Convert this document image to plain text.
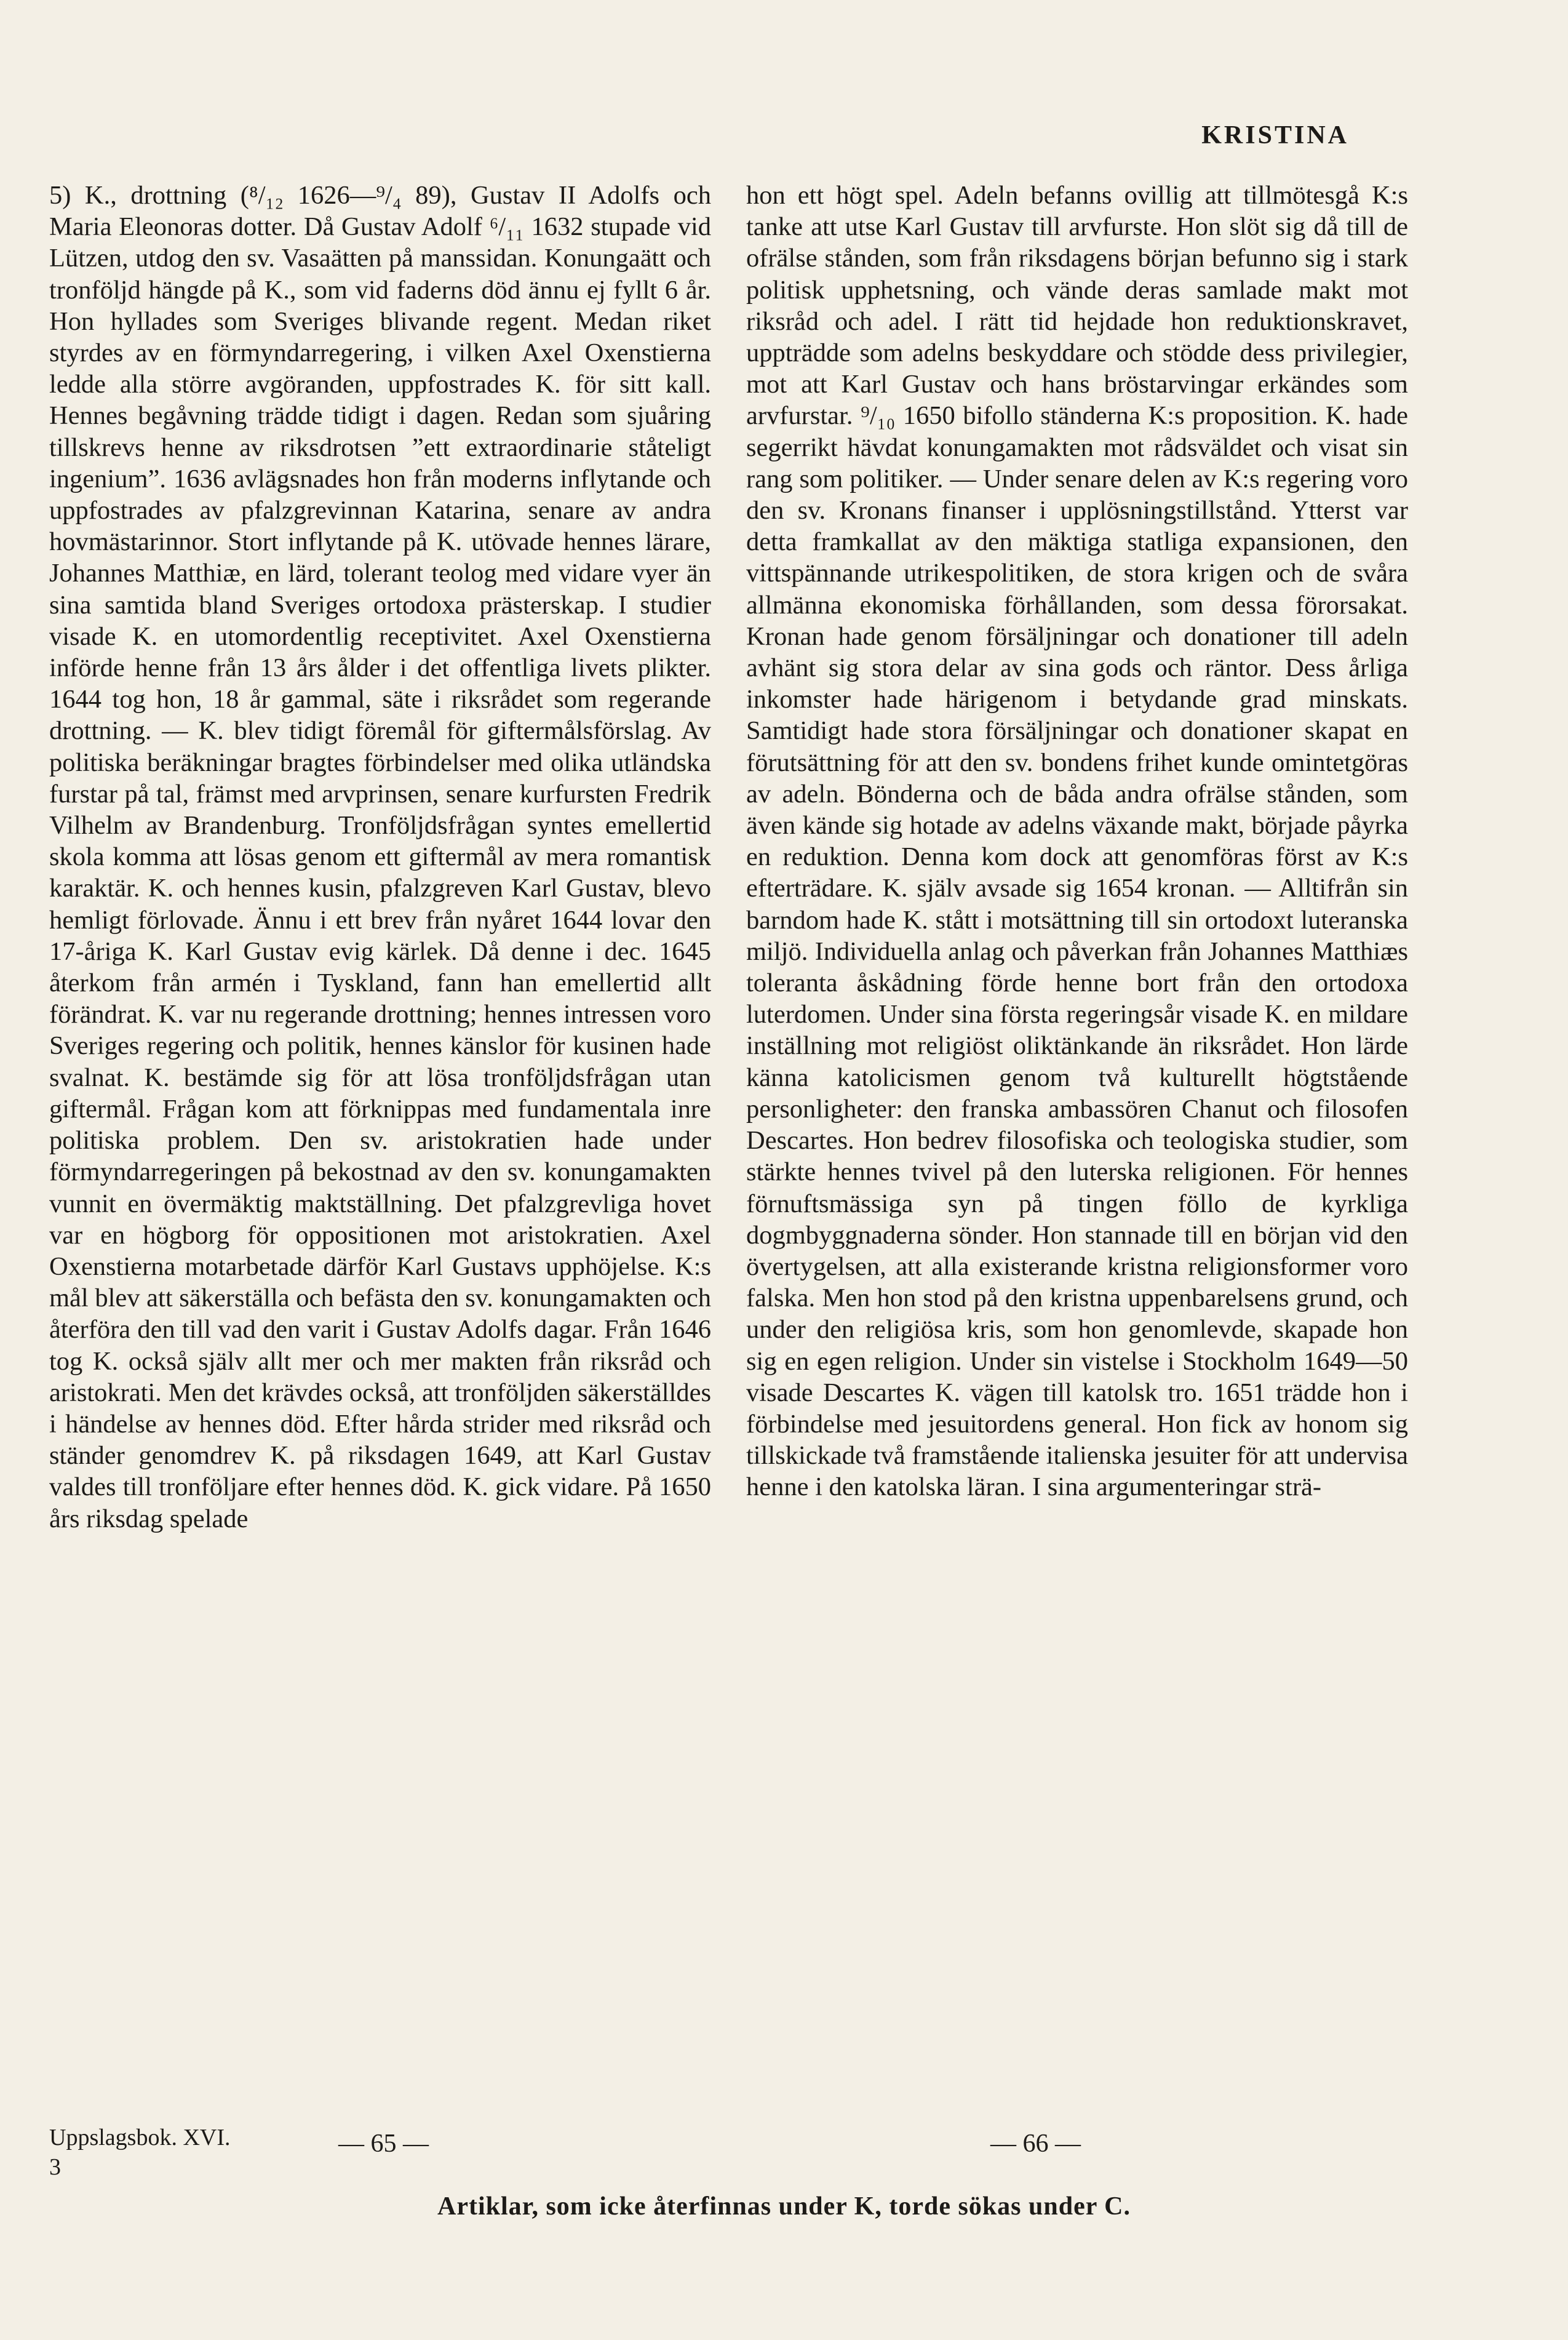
KRISTINA

5) K., drottning (⁸/₁₂ 1626—⁹/₄ 89), Gustav II Adolfs och Maria Eleonoras dotter. Då Gustav Adolf ⁶/₁₁ 1632 stupade vid Lützen, utdog den sv. Vasaätten på manssidan. Konungaätt och tronföljd hängde på K., som vid faderns död ännu ej fyllt 6 år. Hon hyllades som Sveriges blivande regent. Medan riket styrdes av en förmyndarregering, i vilken Axel Oxenstierna ledde alla större avgöranden, uppfostrades K. för sitt kall. Hennes begåvning trädde tidigt i dagen. Redan som sjuåring tillskrevs henne av riksdrotsen ”ett extraordinarie ståteligt ingenium”. 1636 avlägsnades hon från moderns inflytande och uppfostrades av pfalzgrevinnan Katarina, senare av andra hovmästarinnor. Stort inflytande på K. utövade hennes lärare, Johannes Matthiæ, en lärd, tolerant teolog med vidare vyer än sina samtida bland Sveriges ortodoxa prästerskap. I studier visade K. en utomordentlig receptivitet. Axel Oxenstierna införde henne från 13 års ålder i det offentliga livets plikter. 1644 tog hon, 18 år gammal, säte i riksrådet som regerande drottning. — K. blev tidigt föremål för giftermålsförslag. Av politiska beräkningar bragtes förbindelser med olika utländska furstar på tal, främst med arvprinsen, senare kurfursten Fredrik Vilhelm av Brandenburg. Tronföljdsfrågan syntes emellertid skola komma att lösas genom ett giftermål av mera romantisk karaktär. K. och hennes kusin, pfalzgreven Karl Gustav, blevo hemligt förlovade. Ännu i ett brev från nyåret 1644 lovar den 17-åriga K. Karl Gustav evig kärlek. Då denne i dec. 1645 återkom från armén i Tyskland, fann han emellertid allt förändrat. K. var nu regerande drottning; hennes intressen voro Sveriges regering och politik, hennes känslor för kusinen hade svalnat. K. bestämde sig för att lösa tronföljdsfrågan utan giftermål. Frågan kom att förknippas med fundamentala inre politiska problem. Den sv. aristokratien hade under förmyndarregeringen på bekostnad av den sv. konungamakten vunnit en övermäktig maktställning. Det pfalzgrevliga hovet var en högborg för oppositionen mot aristokratien. Axel Oxenstierna motarbetade därför Karl Gustavs upphöjelse. K:s mål blev att säkerställa och befästa den sv. konungamakten och återföra den till vad den varit i Gustav Adolfs dagar. Från 1646 tog K. också själv allt mer och mer makten från riksråd och aristokrati. Men det krävdes också, att tronföljden säkerställdes i händelse av hennes död. Efter hårda strider med riksråd och ständer genomdrev K. på riksdagen 1649, att Karl Gustav valdes till tronföljare efter hennes död. K. gick vidare. På 1650 års riksdag spelade

hon ett högt spel. Adeln befanns ovillig att tillmötesgå K:s tanke att utse Karl Gustav till arvfurste. Hon slöt sig då till de ofrälse stånden, som från riksdagens början befunno sig i stark politisk upphetsning, och vände deras samlade makt mot riksråd och adel. I rätt tid hejdade hon reduktionskravet, uppträdde som adelns beskyddare och stödde dess privilegier, mot att Karl Gustav och hans bröstarvingar erkändes som arvfurstar. ⁹/₁₀ 1650 bifollo ständerna K:s proposition. K. hade segerrikt hävdat konungamakten mot rådsväldet och visat sin rang som politiker. — Under senare delen av K:s regering voro den sv. Kronans finanser i upplösningstillstånd. Ytterst var detta framkallat av den mäktiga statliga expansionen, den vittspännande utrikespolitiken, de stora krigen och de svåra allmänna ekonomiska förhållanden, som dessa förorsakat. Kronan hade genom försäljningar och donationer till adeln avhänt sig stora delar av sina gods och räntor. Dess årliga inkomster hade härigenom i betydande grad minskats. Samtidigt hade stora försäljningar och donationer skapat en förutsättning för att den sv. bondens frihet kunde omintetgöras av adeln. Bönderna och de båda andra ofrälse stånden, som även kände sig hotade av adelns växande makt, började påyrka en reduktion. Denna kom dock att genomföras först av K:s efterträdare. K. själv avsade sig 1654 kronan. — Alltifrån sin barndom hade K. stått i motsättning till sin ortodoxt luteranska miljö. Individuella anlag och påverkan från Johannes Matthiæs toleranta åskådning förde henne bort från den ortodoxa luterdomen. Under sina första regeringsår visade K. en mildare inställning mot religiöst oliktänkande än riksrådet. Hon lärde känna katolicismen genom två kulturellt högtstående personligheter: den franska ambassören Chanut och filosofen Descartes. Hon bedrev filosofiska och teologiska studier, som stärkte hennes tvivel på den luterska religionen. För hennes förnuftsmässiga syn på tingen föllo de kyrkliga dogmbyggnaderna sönder. Hon stannade till en början vid den övertygelsen, att alla existerande kristna religionsformer voro falska. Men hon stod på den kristna uppenbarelsens grund, och under den religiösa kris, som hon genomlevde, skapade hon sig en egen religion. Under sin vistelse i Stockholm 1649—50 visade Descartes K. vägen till katolsk tro. 1651 trädde hon i förbindelse med jesuitordens general. Hon fick av honom sig tillskickade två framstående italienska jesuiter för att undervisa henne i den katolska läran. I sina argumenteringar strä-

Uppslagsbok. XVI.
3
— 65 —	— 66 —
Artiklar, som icke återfinnas under K, torde sökas under C.
